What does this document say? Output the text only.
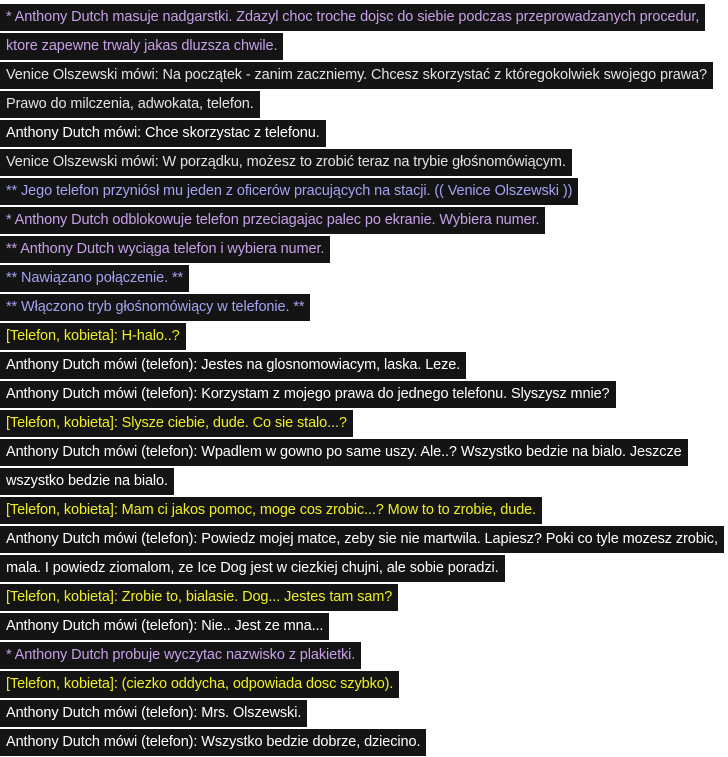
* Anthony Dutch masuje nadgarstki. Zdazyl choc troche dojsc do siebie podczas przeprowadzanych procedur, ktore zapewne trwaly jakas dluzsza chwile.
Venice Olszewski mówi: Na początek - zanim zaczniemy. Chcesz skorzystać z któregokolwiek swojego prawa? Prawo do milczenia, adwokata, telefon.
Anthony Dutch mówi: Chce skorzystac z telefonu.
Venice Olszewski mówi: W porządku, możesz to zrobić teraz na trybie głośnomówiącym.
** Jego telefon przyniósł mu jeden z oficerów pracujących na stacji. (( Venice Olszewski ))
* Anthony Dutch odblokowuje telefon przeciagajac palec po ekranie. Wybiera numer.
** Anthony Dutch wyciąga telefon i wybiera numer.
** Nawiązano połączenie. **
** Włączono tryb głośnomówiący w telefonie. **
[Telefon, kobieta]: H-halo..?
Anthony Dutch mówi (telefon): Jestes na glosnomowiacym, laska. Leze.
Anthony Dutch mówi (telefon): Korzystam z mojego prawa do jednego telefonu. Slyszysz mnie?
[Telefon, kobieta]: Slysze ciebie, dude. Co sie stalo...?
Anthony Dutch mówi (telefon): Wpadlem w gowno po same uszy. Ale..? Wszystko bedzie na bialo. Jeszcze wszystko bedzie na bialo.
[Telefon, kobieta]: Mam ci jakos pomoc, moge cos zrobic...? Mow to to zrobie, dude.
Anthony Dutch mówi (telefon): Powiedz mojej matce, zeby sie nie martwila. Lapiesz? Poki co tyle mozesz zrobic, mala. I powiedz ziomalom, ze Ice Dog jest w ciezkiej chujni, ale sobie poradzi.
[Telefon, kobieta]: Zrobie to, bialasie. Dog... Jestes tam sam?
Anthony Dutch mówi (telefon): Nie.. Jest ze mna...
* Anthony Dutch probuje wyczytac nazwisko z plakietki.
[Telefon, kobieta]: (ciezko oddycha, odpowiada dosc szybko).
Anthony Dutch mówi (telefon): Mrs. Olszewski.
Anthony Dutch mówi (telefon): Wszystko bedzie dobrze, dziecino.
